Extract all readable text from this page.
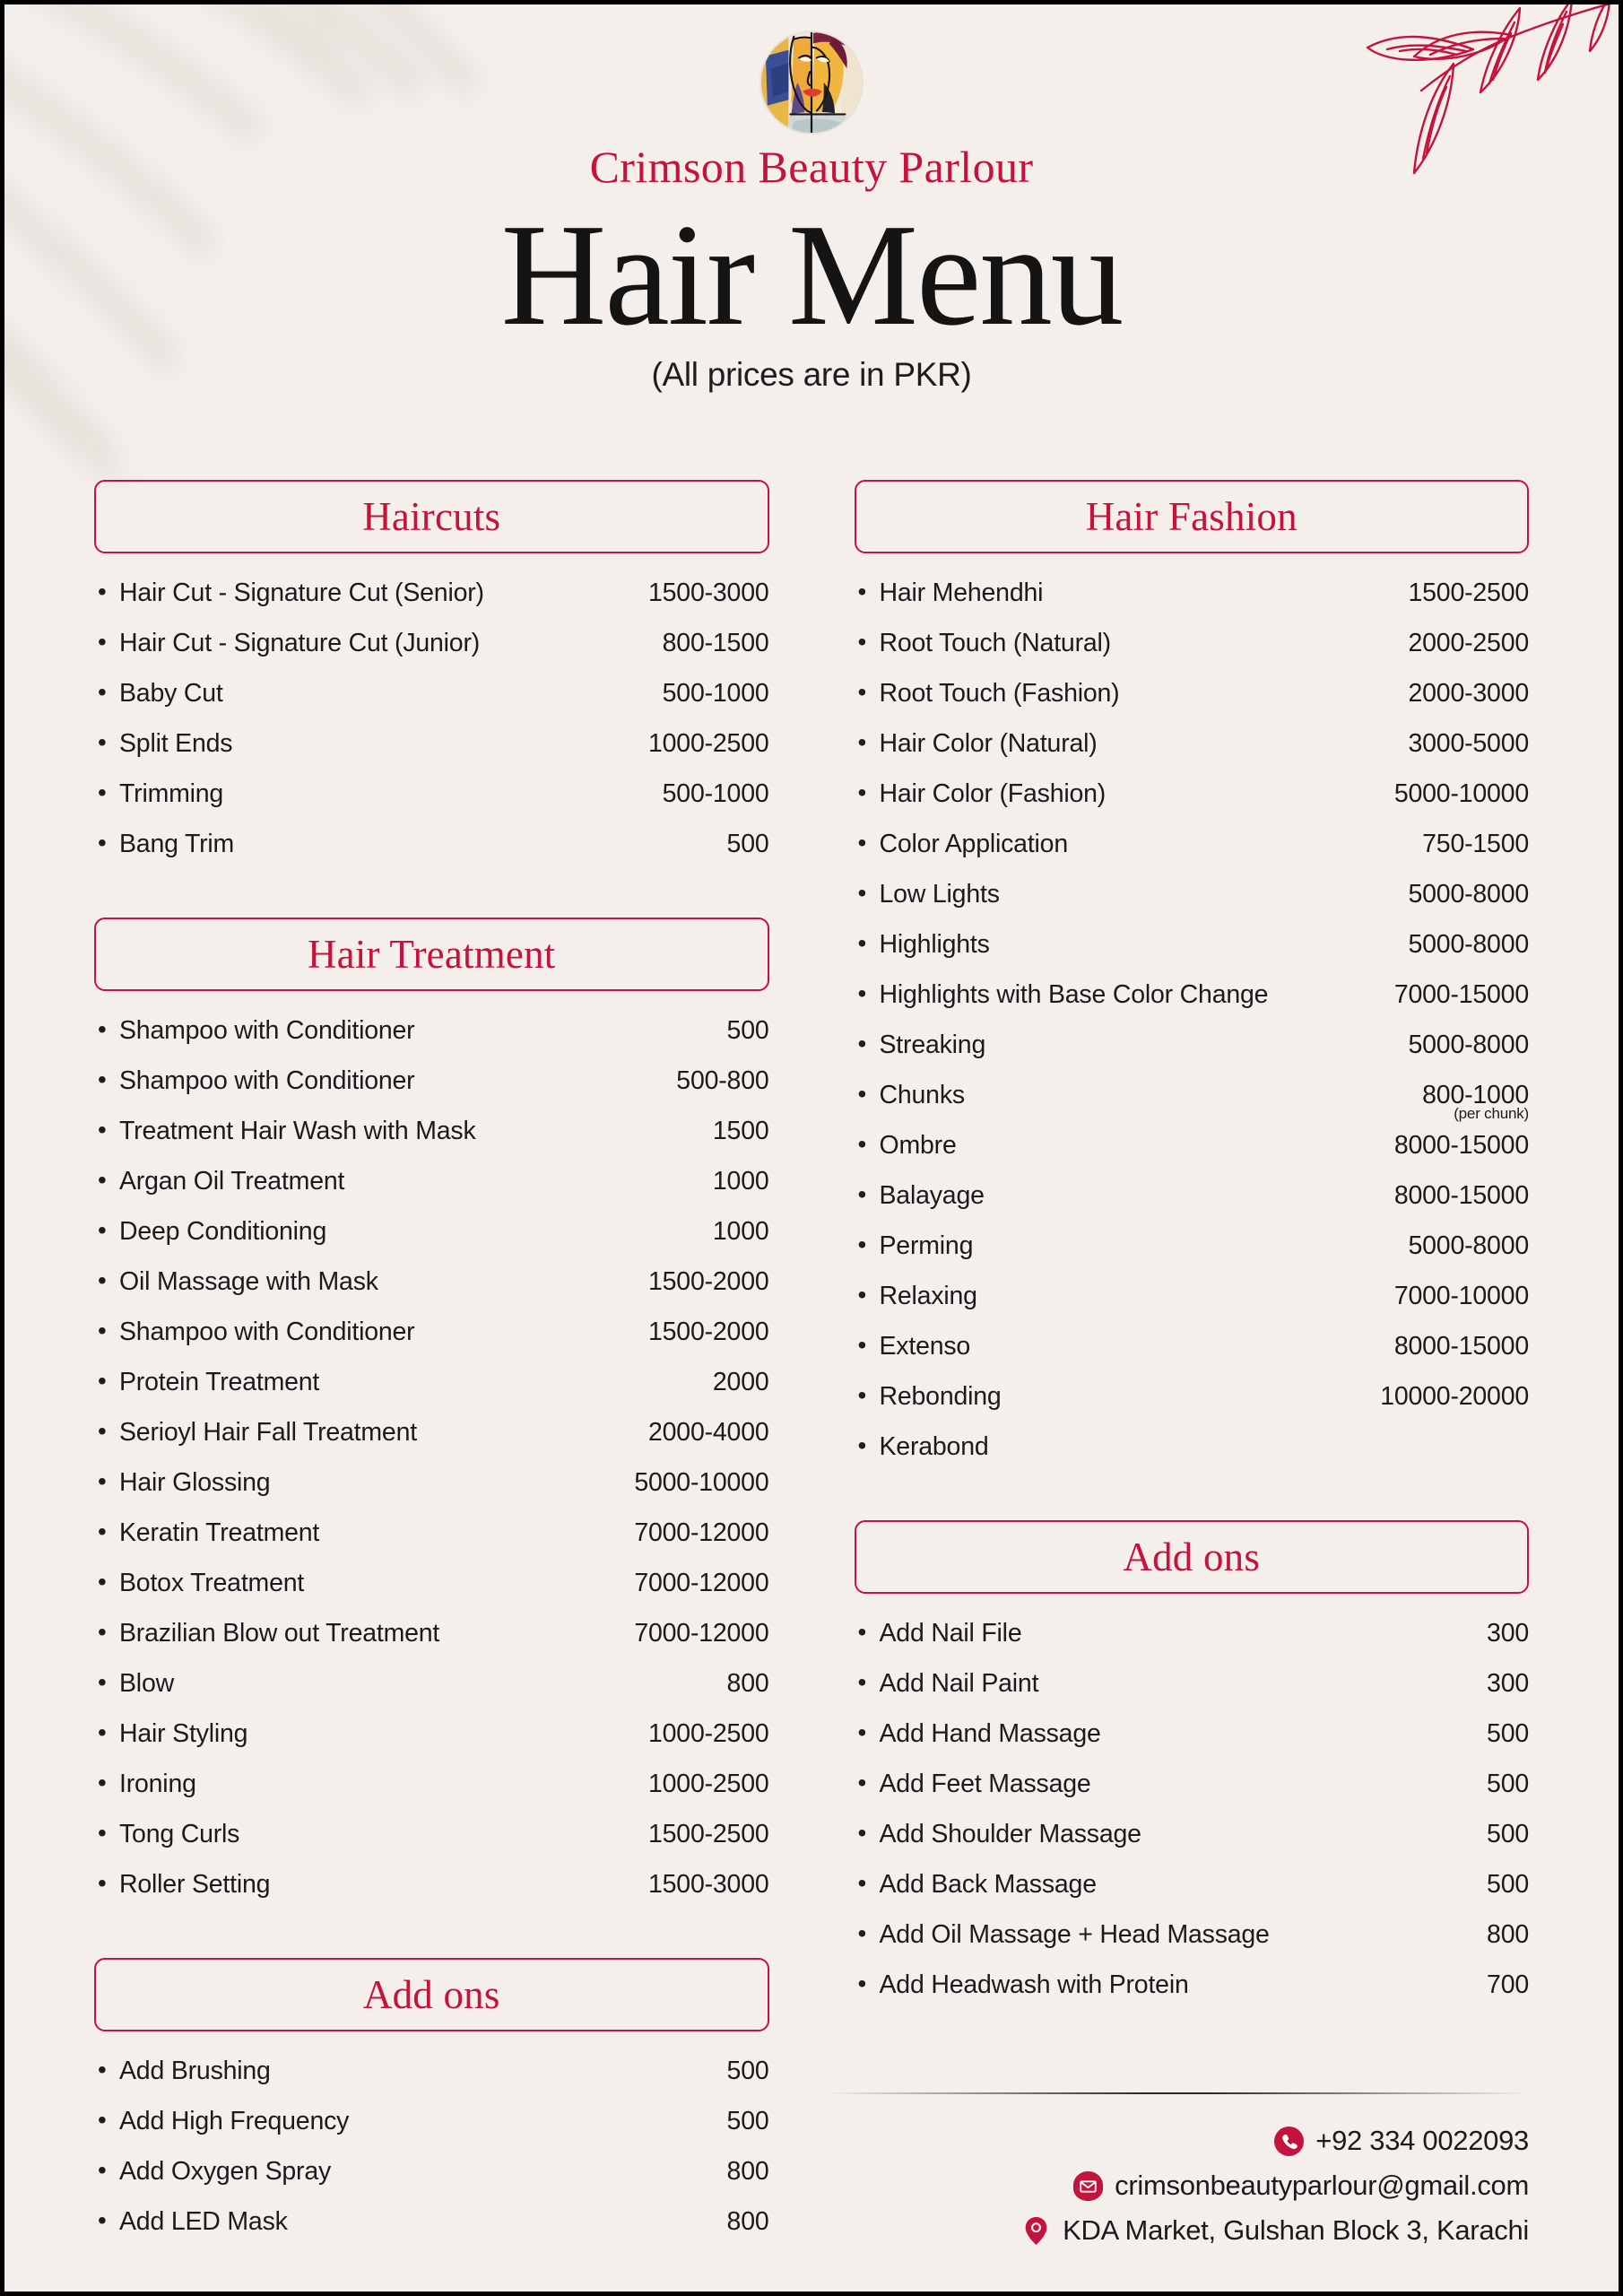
Crimson Beauty Parlour
Hair Menu
(All prices are in PKR)
Haircuts
• Hair Cut - Signature Cut (Senior)	1500-3000
• Hair Cut - Signature Cut (Junior)	800-1500
• Baby Cut	500-1000
• Split Ends	1000-2500
• Trimming	500-1000
• Bang Trim	500
Hair Treatment
• Shampoo with Conditioner	500
• Shampoo with Conditioner	500-800
• Treatment Hair Wash with Mask	1500
• Argan Oil Treatment	1000
• Deep Conditioning	1000
• Oil Massage with Mask	1500-2000
• Shampoo with Conditioner	1500-2000
• Protein Treatment	2000
• Serioyl Hair Fall Treatment	2000-4000
• Hair Glossing	5000-10000
• Keratin Treatment	7000-12000
• Botox Treatment	7000-12000
• Brazilian Blow out Treatment	7000-12000
• Blow	800
• Hair Styling	1000-2500
• Ironing	1000-2500
• Tong Curls	1500-2500
• Roller Setting	1500-3000
Add ons
• Add Brushing	500
• Add High Frequency	500
• Add Oxygen Spray	800
• Add LED Mask	800
Hair Fashion
• Hair Mehendhi	1500-2500
• Root Touch (Natural)	2000-2500
• Root Touch (Fashion)	2000-3000
• Hair Color (Natural)	3000-5000
• Hair Color (Fashion)	5000-10000
• Color Application	750-1500
• Low Lights	5000-8000
• Highlights	5000-8000
• Highlights with Base Color Change	7000-15000
• Streaking	5000-8000
• Chunks	800-1000
(per chunk)
• Ombre	8000-15000
• Balayage	8000-15000
• Perming	5000-8000
• Relaxing	7000-10000
• Extenso	8000-15000
• Rebonding	10000-20000
• Kerabond
Add ons
• Add Nail File	300
• Add Nail Paint	300
• Add Hand Massage	500
• Add Feet Massage	500
• Add Shoulder Massage	500
• Add Back Massage	500
• Add Oil Massage + Head Massage	800
• Add Headwash with Protein	700
+92 334 0022093
crimsonbeautyparlour@gmail.com
KDA Market, Gulshan Block 3, Karachi
